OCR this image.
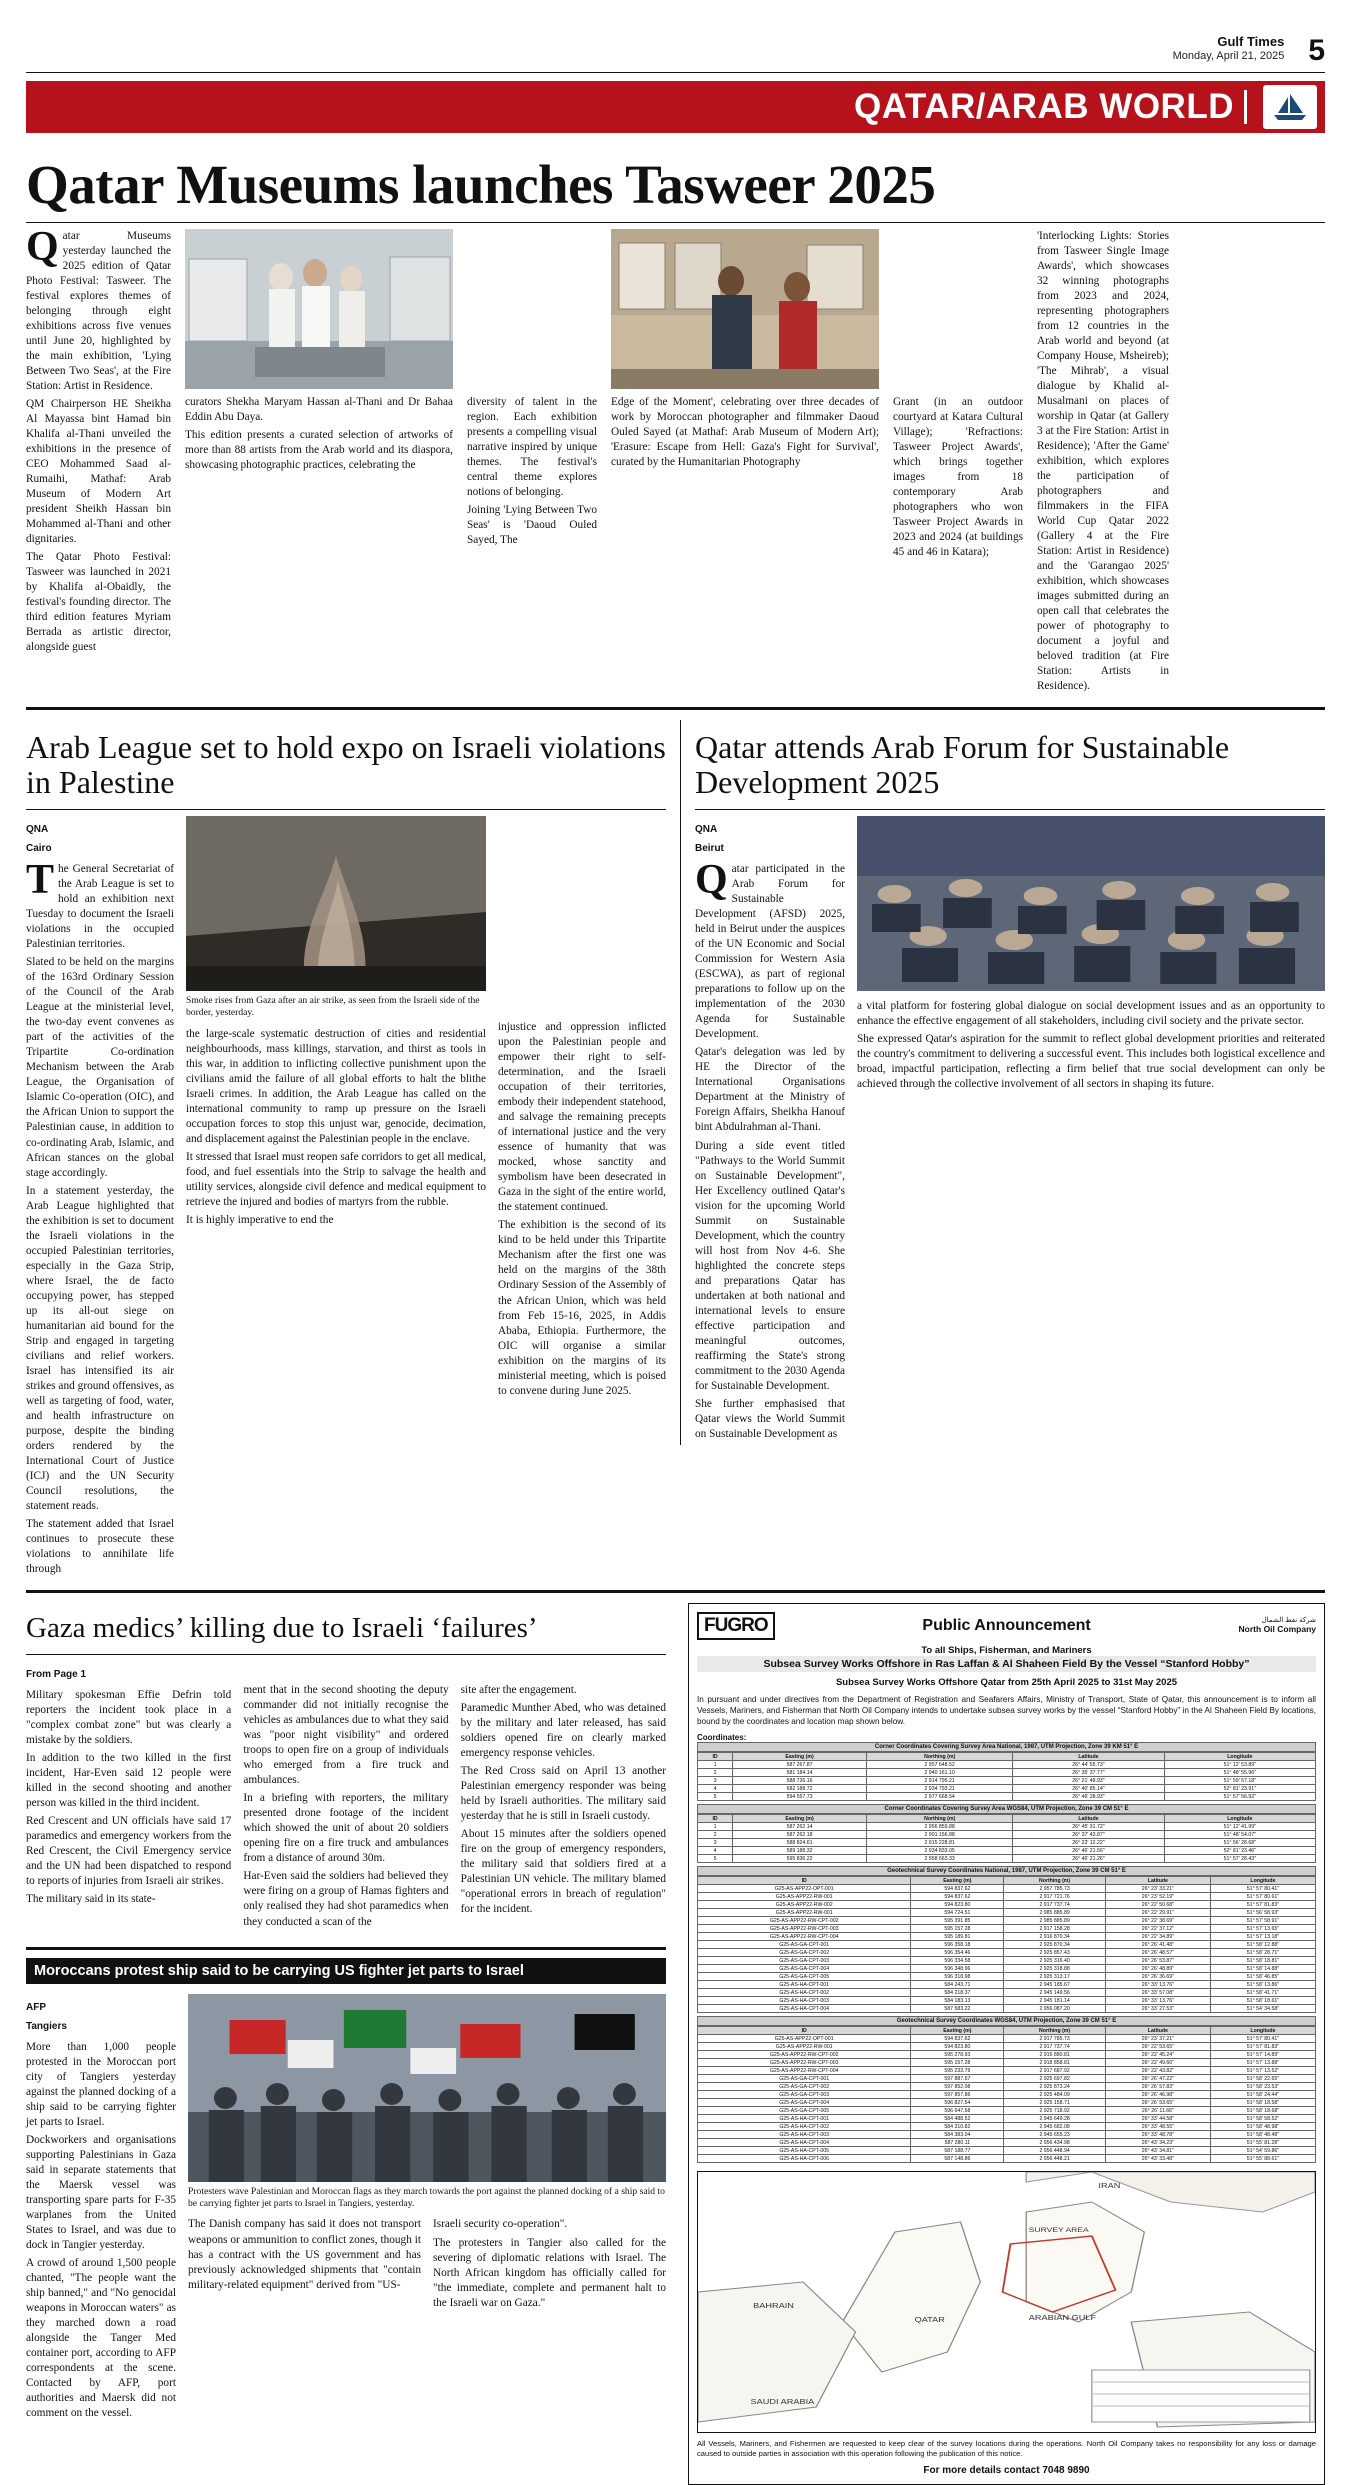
Gulf Times
Monday, April 21, 2025 5
QATAR/ARAB WORLD
Qatar Museums launches Tasweer 2025
Q atar Museums yesterday launched the 2025 edition of Qatar Photo Festival: Tasweer. The festival explores themes of belonging through eight exhibitions across five venues until June 20, highlighted by the main exhibition, 'Lying Between Two Seas', at the Fire Station: Artist in Residence.

QM Chairperson HE Sheikha Al Mayassa bint Hamad bin Khalifa al-Thani unveiled the exhibitions in the presence of CEO Mohammed Saad al-Rumaihi, Mathaf: Arab Museum of Modern Art president Sheikh Hassan bin Mohammed al-Thani and other dignitaries.

The Qatar Photo Festival: Tasweer was launched in 2021 by Khalifa al-Obaidly, the festival's founding director. The third edition features Myriam Berrada as artistic director, alongside guest

curators Shekha Maryam Hassan al-Thani and Dr Bahaa Eddin Abu Daya.

This edition presents a curated selection of artworks of more than 88 artists from the Arab world and its diaspora, showcasing photographic practices, celebrating the

diversity of talent in the region. Each exhibition presents a compelling visual narrative inspired by unique themes. The festival's central theme explores notions of belonging.

Joining 'Lying Between Two Seas' is 'Daoud Ouled Sayed, The

Edge of the Moment', celebrating over three decades of work by Moroccan photographer and filmmaker Daoud Ouled Sayed (at Mathaf: Arab Museum of Modern Art); 'Erasure: Escape from Hell: Gaza's Fight for Survival', curated by the Humanitarian Photography

Grant (in an outdoor courtyard at Katara Cultural Village); 'Refractions: Tasweer Project Awards', which brings together images from 18 contemporary Arab photographers who won Tasweer Project Awards in 2023 and 2024 (at buildings 45 and 46 in Katara);

'Interlocking Lights: Stories from Tasweer Single Image Awards', which showcases 32 winning photographs from 2023 and 2024, representing photographers from 12 countries in the Arab world and beyond (at Company House, Msheireb); 'The Mihrab', a visual dialogue by Khalid al-Musalmani on places of worship in Qatar (at Gallery 3 at the Fire Station: Artist in Residence); 'After the Game' exhibition, which explores the participation of photographers and filmmakers in the FIFA World Cup Qatar 2022 (Gallery 4 at the Fire Station: Artist in Residence) and the 'Garangao 2025' exhibition, which showcases images submitted during an open call that celebrates the power of photography to document a joyful and beloved tradition (at Fire Station: Artists in Residence).

Arab League set to hold expo on Israeli violations in Palestine
QNA
Cairo
T he General Secretariat of the Arab League is set to hold an exhibition next Tuesday to document the Israeli violations in the occupied Palestinian territories.

Slated to be held on the margins of the 163rd Ordinary Session of the Council of the Arab League at the ministerial level, the two-day event convenes as part of the activities of the Tripartite Co-ordination Mechanism between the Arab League, the Organisation of Islamic Co-operation (OIC), and the African Union to support the Palestinian cause, in addition to co-ordinating Arab, Islamic, and African stances on the global stage accordingly.

In a statement yesterday, the Arab League highlighted that the exhibition is set to document the Israeli violations in the occupied Palestinian territories, especially in the Gaza Strip, where Israel, the de facto occupying power, has stepped up its all-out siege on humanitarian aid bound for the Strip and engaged in targeting civilians and relief workers. Israel has intensified its air strikes and ground offensives, as well as targeting of food, water, and health infrastructure on purpose, despite the binding orders rendered by the International Court of Justice (ICJ) and the UN Security Council resolutions, the statement reads.

The statement added that Israel continues to prosecute these violations to annihilate life through

Smoke rises from Gaza after an air strike, as seen from the Israeli side of the border, yesterday.

the large-scale systematic destruction of cities and residential neighbourhoods, mass killings, starvation, and thirst as tools in this war, in addition to inflicting collective punishment upon the civilians amid the failure of all global efforts to halt the blithe Israeli crimes. In addition, the Arab League has called on the international community to ramp up pressure on the Israeli occupation forces to stop this unjust war, genocide, decimation, and displacement against the Palestinian people in the enclave.

It stressed that Israel must reopen safe corridors to get all medical, food, and fuel essentials into the Strip to salvage the health and utility services, alongside civil defence and medical equipment to retrieve the injured and bodies of martyrs from the rubble.

It is highly imperative to end the

injustice and oppression inflicted upon the Palestinian people and empower their right to self-determination, and the Israeli occupation of their territories, embody their independent statehood, and salvage the remaining precepts of international justice and the very essence of humanity that was mocked, whose sanctity and symbolism have been desecrated in Gaza in the sight of the entire world, the statement continued.

The exhibition is the second of its kind to be held under this Tripartite Mechanism after the first one was held on the margins of the 38th Ordinary Session of the Assembly of the African Union, which was held from Feb 15-16, 2025, in Addis Ababa, Ethiopia. Furthermore, the OIC will organise a similar exhibition on the margins of its ministerial meeting, which is poised to convene during June 2025.

Qatar attends Arab Forum for Sustainable Development 2025
QNA
Beirut
Q atar participated in the Arab Forum for Sustainable Development (AFSD) 2025, held in Beirut under the auspices of the UN Economic and Social Commission for Western Asia (ESCWA), as part of regional preparations to follow up on the implementation of the 2030 Agenda for Sustainable Development.

Qatar's delegation was led by HE the Director of the International Organisations Department at the Ministry of Foreign Affairs, Sheikha Hanouf bint Abdulrahman al-Thani.

During a side event titled "Pathways to the World Summit on Sustainable Development", Her Excellency outlined Qatar's vision for the upcoming World Summit on Sustainable Development, which the country will host from Nov 4-6. She highlighted the concrete steps and preparations Qatar has undertaken at both national and international levels to ensure effective participation and meaningful outcomes, reaffirming the State's strong commitment to the 2030 Agenda for Sustainable Development.

She further emphasised that Qatar views the World Summit on Sustainable Development as

a vital platform for fostering global dialogue on social development issues and as an opportunity to enhance the effective engagement of all stakeholders, including civil society and the private sector.

She expressed Qatar's aspiration for the summit to reflect global development priorities and reiterated the country's commitment to delivering a successful event. This includes both logistical excellence and broad, impactful participation, reflecting a firm belief that true social development can only be achieved through the collective involvement of all sectors in shaping its future.

Gaza medics’ killing due to Israeli ‘failures’
From Page 1

Military spokesman Effie Defrin told reporters the incident took place in a "complex combat zone" but was clearly a mistake by the soldiers.

In addition to the two killed in the first incident, Har-Even said 12 people were killed in the second shooting and another person was killed in the third incident.

Red Crescent and UN officials have said 17 paramedics and emergency workers from the Red Crescent, the Civil Emergency service and the UN had been dispatched to respond to reports of injuries from Israeli air strikes.

The military said in its state-

ment that in the second shooting the deputy commander did not initially recognise the vehicles as ambulances due to what they said was "poor night visibility" and ordered troops to open fire on a group of individuals who emerged from a fire truck and ambulances.

In a briefing with reporters, the military presented drone footage of the incident which showed the unit of about 20 soldiers opening fire on a fire truck and ambulances from a distance of around 30m.

Har-Even said the soldiers had believed they were firing on a group of Hamas fighters and only realised they had shot paramedics when they conducted a scan of the

site after the engagement.

Paramedic Munther Abed, who was detained by the military and later released, has said soldiers opened fire on clearly marked emergency response vehicles.

The Red Cross said on April 13 another Palestinian emergency responder was being held by Israeli authorities. The military said yesterday that he is still in Israeli custody.

About 15 minutes after the soldiers opened fire on the group of emergency responders, the military said that soldiers fired at a Palestinian UN vehicle. The military blamed "operational errors in breach of regulation" for the incident.

Moroccans protest ship said to be carrying US fighter jet parts to Israel
AFP
Tangiers

More than 1,000 people protested in the Moroccan port city of Tangiers yesterday against the planned docking of a ship said to be carrying fighter jet parts to Israel.

Dockworkers and organisations supporting Palestinians in Gaza said in separate statements that the Maersk vessel was transporting spare parts for F-35 warplanes from the United States to Israel, and was due to dock in Tangier yesterday.

A crowd of around 1,500 people chanted, "The people want the ship banned," and "No genocidal weapons in Moroccan waters" as they marched down a road alongside the Tanger Med container port, according to AFP correspondents at the scene. Contacted by AFP, port authorities and Maersk did not comment on the vessel.

Protesters wave Palestinian and Moroccan flags as they march towards the port against the planned docking of a ship said to be carrying fighter jet parts to Israel in Tangiers, yesterday.

The Danish company has said it does not transport weapons or ammunition to conflict zones, though it has a contract with the US government and has previously acknowledged shipments that "contain military-related equipment" derived from "US-

Israeli security co-operation".

The protesters in Tangier also called for the severing of diplomatic relations with Israel. The North African kingdom has officially called for "the immediate, complete and permanent halt to the Israeli war on Gaza."

FUGRO	Public Announcement	شركة نفط الشمال
North Oil Company
To all Ships, Fisherman, and Mariners
Subsea Survey Works Offshore in Ras Laffan & Al Shaheen Field By the Vessel “Stanford Hobby”
Subsea Survey Works Offshore Qatar from 25th April 2025 to 31st May 2025
In pursuant and under directives from the Department of Registration and Seafarers Affairs, Ministry of Transport, State of Qatar, this announcement is to inform all Vessels, Mariners, and Fisherman that North Oil Company intends to undertake subsea survey works by the vessel “Stanford Hobby” in the Al Shaheen Field By locations, bound by the coordinates and location map shown below.
Coordinates:
Corner Coordinates Covering Survey Area National, 1987, UTM Projection, Zone 39 KM 51° E
ID	Easting (m)	Northing (m)	Latitude	Longitude
1	587 267.87	2 957 648.52	26° 44' 55.73"	51° 12' 53.89"
2	581 184.14	2 940 161.10	26° 35' 37.77"	51° 48' 55.96"
3	588 726.16	2 914 795.21	26° 21' 48.93"	51° 59' 57.18"
4	682 188.72	2 934 793.21	26° 40' 85.14"	52° 81' 23.91"
5	594 557.73	2 977 668.54	26° 46' 28.93"	51° 57' 56.92"
Corner Coordinates Covering Survey Area WGS84, UTM Projection, Zone 39 CM 51° E
ID	Easting (m)	Northing (m)	Latitude	Longitude
1	587 262.14	2 956 859.88	26° 45' 31.72"	51° 12' 41.99"
2	587 262.18	2 901 156.88	26° 37' 43.87"	51° 48' 54.07"
3	588 824.61	2 915 228.81	26° 23' 12.22"	51° 56' 28.68"
4	589 188.32	2 934 833.05	26° 46' 21.56"	52° 81' 23.46"
5	595 836.22	2 958 663.33	26° 46' 21.26"	51° 57' 28.43"
Geotechnical Survey Coordinates National, 1987, UTM Projection, Zone 39 CM 51° E
ID	Easting (m)	Northing (m)	Latitude	Longitude
G25-AS-APP22-OPT-001	594 837.62	2 957 785.73	26° 23' 33.21"	51° 57' 80.41"
G25-AS-APP22-RW-001	594 837.62	2 917 721.76	26° 23' 52.19"	51° 57' 80.61"
G25-AS-APP22-RW-002	594 823.80	2 917 737.74	26° 22' 50.68"	51° 57' 81.83"
G25-AS-APP22-RW-001	594 724.51	2 985 885.89	26° 22' 29.91"	51° 56' 58.93"
G25-AS-APP22-RW-CPT-002	595 391.85	2 985 885.89	26° 22' 38.69"	51° 57' 58.91"
G25-AS-APP22-RW-CPT-003	595 157.28	2 917 158.28	26° 22' 37.12"	51° 57' 13.65"
G25-AS-APP22-RW-CPT-004	595 189.81	2 916 870.34	26° 22' 34.89"	51° 57' 13.18"
G25-AS-GA-CPT-001	596 358.18	2 925 870.34	26° 26' 41.48"	51° 58' 12.88"
G25-AS-GA-CPT-002	596 354.46	2 925 857.43	26° 26' 48.57"	51° 58' 28.71"
G25-AS-GA-CPT-003	596 334.58	2 925 316.40	26° 26' 53.87"	51° 58' 18.81"
G25-AS-GA-CPT-004	596 348.96	2 925 318.88	26° 26' 48.89"	51° 58' 14.88"
G25-AS-GA-CPT-005	596 318.98	2 925 313.17	26° 26' 36.69"	51° 58' 46.85"
G25-AS-HA-CPT-001	584 243.71	2 945 185.67	26° 33' 13.76"	51° 58' 13.86"
G25-AS-HA-CPT-002	584 218.37	2 945 149.56	26° 33' 57.08"	51° 58' 41.71"
G25-AS-HA-CPT-003	584 183.13	2 945 181.14	26° 33' 13.76"	51° 58' 18.61"
G25-AS-HA-CPT-004	587 583.22	2 956 087.20	26° 33' 27.53"	51° 54' 34.58"
Geotechnical Survey Coordinates WGS84, UTM Projection, Zone 39 CM 51° E
ID	Easting (m)	Northing (m)	Latitude	Longitude
G25-AS-APP22-OPT-001	594 837.62	2 917 785.73	26° 23' 37.21"	51° 57' 80.41"
G25-AS-APP22-RW-001	594 823.80	2 917 737.74	26° 22' 53.65"	51° 57' 81.83"
G25-AS-APP22-RW-CPT-002	595 278.93	2 916 880.81	26° 22' 45.24"	51° 57' 14.89"
G25-AS-APP22-RW-CPT-003	595 157.28	2 918 858.81	26° 22' 49.66"	51° 57' 13.88"
G25-AS-APP22-RW-CPT-004	595 233.79	2 917 687.92	26° 22' 43.82"	51° 57' 13.52"
G25-AS-GA-CPT-001	597 887.57	2 925 697.82	26° 26' 47.22"	51° 58' 22.65"
G25-AS-GA-CPT-002	597 852.08	2 925 873.24	26° 26' 57.83"	51° 58' 23.53"
G25-AS-GA-CPT-003	597 857.86	2 925 484.09	26° 26' 46.98"	51° 58' 24.44"
G25-AS-GA-CPT-004	596 827.54	2 925 158.71	26° 26' 53.65"	51° 58' 18.58"
G25-AS-GA-CPT-005	596 647.58	2 925 718.92	26° 26' 11.66"	51° 58' 18.68"
G25-AS-HA-CPT-001	584 488.52	2 945 649.28	26° 33' 44.58"	51° 58' 58.52"
G25-AS-HA-CPT-002	584 310.82	2 945 682.08	26° 33' 48.55"	51° 58' 48.98"
G25-AS-HA-CPT-003	584 383.04	2 945 655.23	26° 33' 48.78"	51° 58' 48.48"
G25-AS-HA-CPT-004	587 280.11	2 956 434.98	26° 43' 34.23"	51° 55' 81.28"
G25-AS-HA-CPT-005	587 188.77	2 956 448.94	26° 43' 34.81"	51° 54' 59.86"
G25-AS-HA-CPT-006	587 148.86	2 956 448.21	26° 43' 33.48"	51° 55' 88.61"
IRAN
BAHRAIN
QATAR	ARABIAN GULF
SAUDI ARABIA
SURVEY AREA
All Vessels, Mariners, and Fishermen are requested to keep clear of the survey locations during the operations. North Oil Company takes no responsibility for any loss or damage caused to outside parties in association with this operation following the publication of this notice.
For more details contact 7048 9890
